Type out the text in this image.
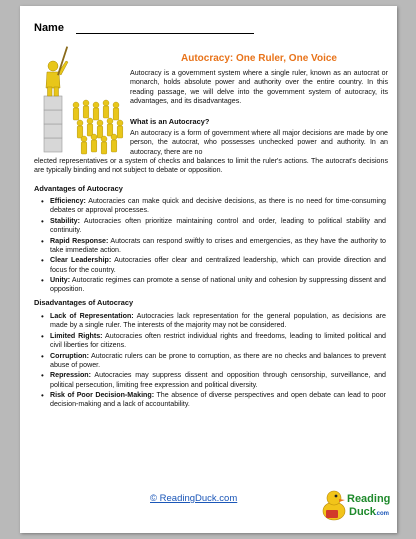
Name
Autocracy: One Ruler, One Voice

Autocracy is a government system where a single ruler, known as an autocrat or monarch, holds absolute power and authority over the entire country. In this reading passage, we will delve into the government system of autocracy, its advantages, and its disadvantages.

What is an Autocracy?

An autocracy is a form of government where all major decisions are made by one person, the autocrat, who possesses unchecked power and authority. In an autocracy, there are no

elected representatives or a system of checks and balances to limit the ruler's actions. The autocrat's decisions are typically binding and not subject to debate or opposition.

Advantages of Autocracy
• Efficiency: Autocracies can make quick and decisive decisions, as there is no need for time-consuming debates or approval processes.
• Stability: Autocracies often prioritize maintaining control and order, leading to political stability and continuity.
• Rapid Response: Autocrats can respond swiftly to crises and emergencies, as they have the authority to take immediate action.
• Clear Leadership: Autocracies offer clear and centralized leadership, which can provide direction and focus for the country.
• Unity: Autocratic regimes can promote a sense of national unity and cohesion by suppressing dissent and opposition.
Disadvantages of Autocracy
• Lack of Representation: Autocracies lack representation for the general population, as decisions are made by a single ruler. The interests of the majority may not be considered.
• Limited Rights: Autocracies often restrict individual rights and freedoms, leading to limited political and civil liberties for citizens.
• Corruption: Autocratic rulers can be prone to corruption, as there are no checks and balances to prevent abuse of power.
• Repression: Autocracies may suppress dissent and opposition through censorship, surveillance, and political persecution, limiting free expression and political diversity.
• Risk of Poor Decision-Making: The absence of diverse perspectives and open debate can lead to poor decision-making and a lack of accountability.
© ReadingDuck.com	Reading
Duck .com
